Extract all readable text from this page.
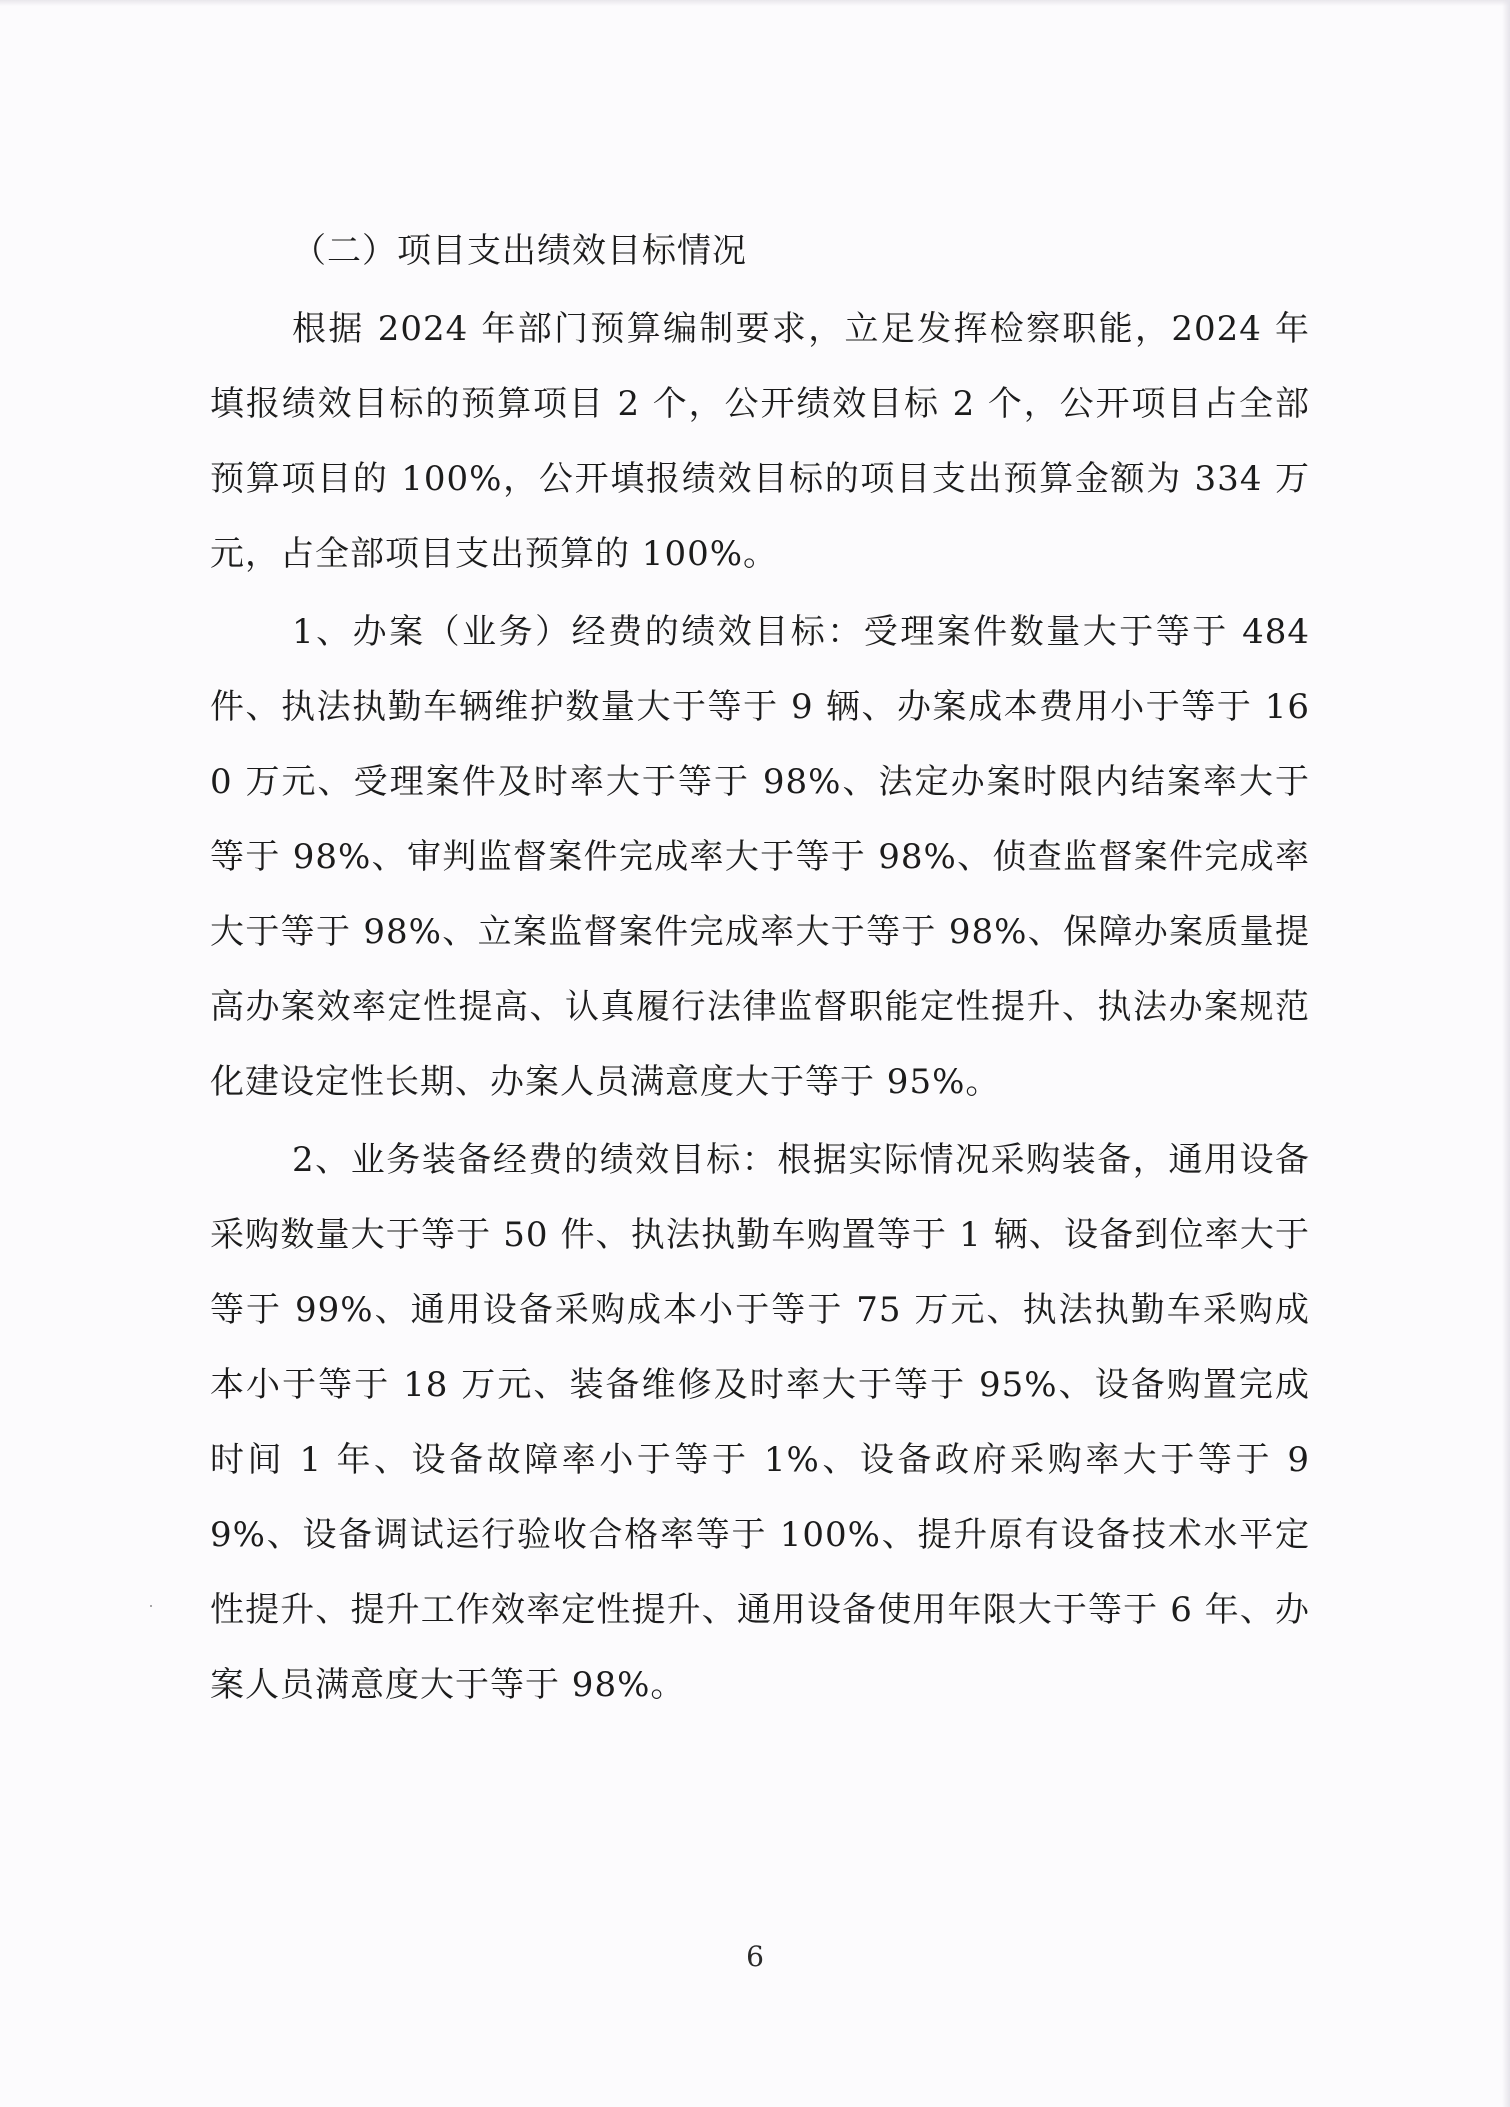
（二）项目支出绩效目标情况

根据 2024 年部门预算编制要求，立足发挥检察职能，2024 年填报绩效目标的预算项目 2 个，公开绩效目标 2 个，公开项目占全部预算项目的 100%，公开填报绩效目标的项目支出预算金额为 334 万元，占全部项目支出预算的 100%。

1、办案（业务）经费的绩效目标：受理案件数量大于等于 484 件、执法执勤车辆维护数量大于等于 9 辆、办案成本费用小于等于 160 万元、受理案件及时率大于等于 98%、法定办案时限内结案率大于等于 98%、审判监督案件完成率大于等于 98%、侦查监督案件完成率大于等于 98%、立案监督案件完成率大于等于 98%、保障办案质量提高办案效率定性提高、认真履行法律监督职能定性提升、执法办案规范化建设定性长期、办案人员满意度大于等于 95%。

2、业务装备经费的绩效目标：根据实际情况采购装备，通用设备采购数量大于等于 50 件、执法执勤车购置等于 1 辆、设备到位率大于等于 99%、通用设备采购成本小于等于 75 万元、执法执勤车采购成本小于等于 18 万元、装备维修及时率大于等于 95%、设备购置完成时间 1 年、设备故障率小于等于 1%、设备政府采购率大于等于 99%、设备调试运行验收合格率等于 100%、提升原有设备技术水平定性提升、提升工作效率定性提升、通用设备使用年限大于等于 6 年、办案人员满意度大于等于 98%。

6
